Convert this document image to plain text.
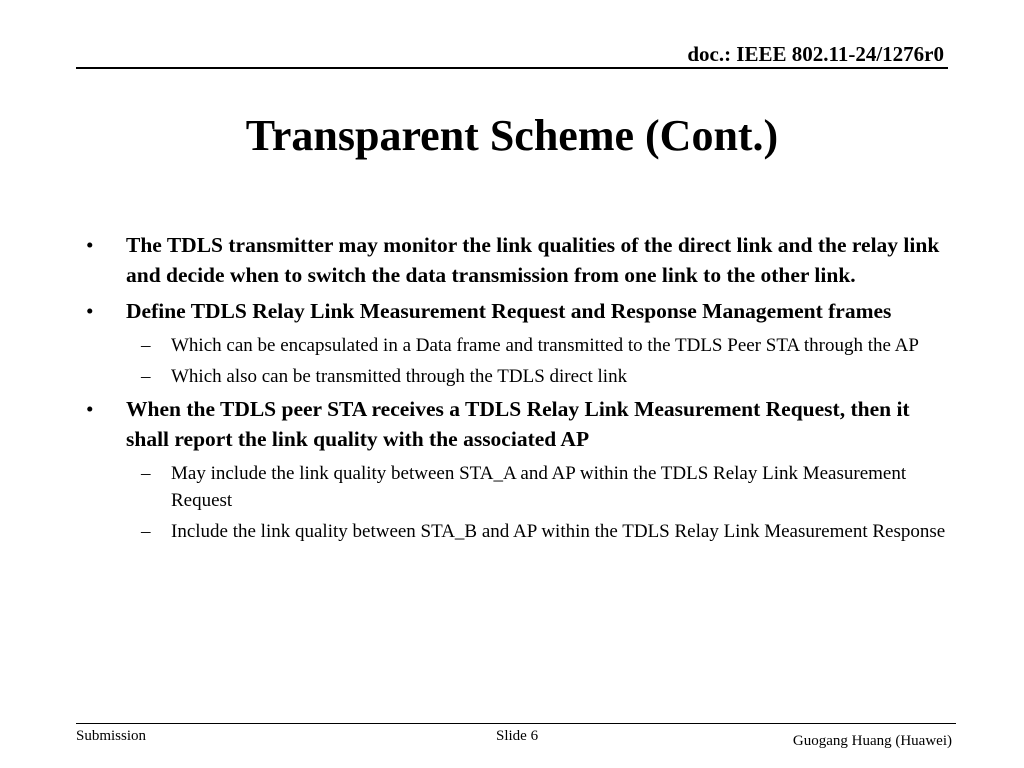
doc.: IEEE 802.11-24/1276r0
Transparent Scheme (Cont.)
• The TDLS transmitter may monitor the link qualities of the direct link and the relay link and decide when to switch the data transmission from one link to the other link.
• Define TDLS Relay Link Measurement Request and Response Management frames
– Which can be encapsulated in a Data frame and transmitted to the TDLS Peer STA through the AP
– Which also can be transmitted through the TDLS direct link
• When the TDLS peer STA receives a TDLS Relay Link Measurement Request, then it shall report the link quality with the associated AP
– May include the link quality between STA_A and AP within the TDLS Relay Link Measurement Request
– Include the link quality between STA_B and AP within the TDLS Relay Link Measurement Response
Submission	Slide 6	Guogang Huang (Huawei)
